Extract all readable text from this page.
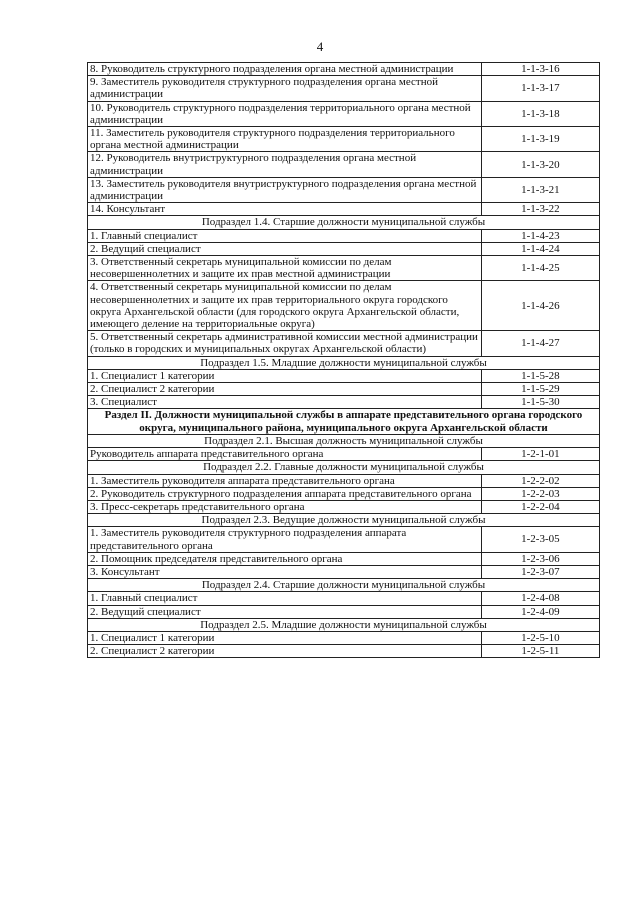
4
8. Руководитель структурного подразделения органа местной администрации	1-1-3-16
9. Заместитель руководителя структурного подразделения органа местной администрации	1-1-3-17
10. Руководитель структурного подразделения территориального органа местной администрации	1-1-3-18
11. Заместитель руководителя структурного подразделения территориального органа местной администрации	1-1-3-19
12. Руководитель внутриструктурного подразделения органа местной администрации	1-1-3-20
13. Заместитель руководителя внутриструктурного подразделения органа местной администрации	1-1-3-21
14. Консультант	1-1-3-22
Подраздел 1.4. Старшие должности муниципальной службы	
1. Главный специалист	1-1-4-23
2. Ведущий специалист	1-1-4-24
3. Ответственный секретарь муниципальной комиссии по делам несовершеннолетних и защите их прав местной администрации	1-1-4-25
4. Ответственный секретарь муниципальной комиссии по делам несовершеннолетних и защите их прав территориального округа городского округа Архангельской области (для городского округа Архангельской области, имеющего деление на территориальные округа)	1-1-4-26
5. Ответственный секретарь административной комиссии местной администрации (только в городских и муниципальных округах Архангельской области)	1-1-4-27
Подраздел 1.5. Младшие должности муниципальной службы	
1. Специалист 1 категории	1-1-5-28
2. Специалист 2 категории	1-1-5-29
3. Специалист	1-1-5-30
Раздел II. Должности муниципальной службы в аппарате представительного органа городского округа, муниципального района, муниципального округа Архангельской области	
Подраздел 2.1. Высшая должность муниципальной службы	
Руководитель аппарата представительного органа	1-2-1-01
Подраздел 2.2. Главные должности муниципальной службы	
1. Заместитель руководителя аппарата представительного органа	1-2-2-02
2. Руководитель структурного подразделения аппарата представительного органа	1-2-2-03
3. Пресс-секретарь представительного органа	1-2-2-04
Подраздел 2.3. Ведущие должности муниципальной службы	
1. Заместитель руководителя структурного подразделения аппарата представительного органа	1-2-3-05
2. Помощник председателя представительного органа	1-2-3-06
3. Консультант	1-2-3-07
Подраздел 2.4. Старшие должности муниципальной службы	
1. Главный специалист	1-2-4-08
2. Ведущий специалист	1-2-4-09
Подраздел 2.5. Младшие должности муниципальной службы	
1. Специалист 1 категории	1-2-5-10
2. Специалист 2 категории	1-2-5-11
